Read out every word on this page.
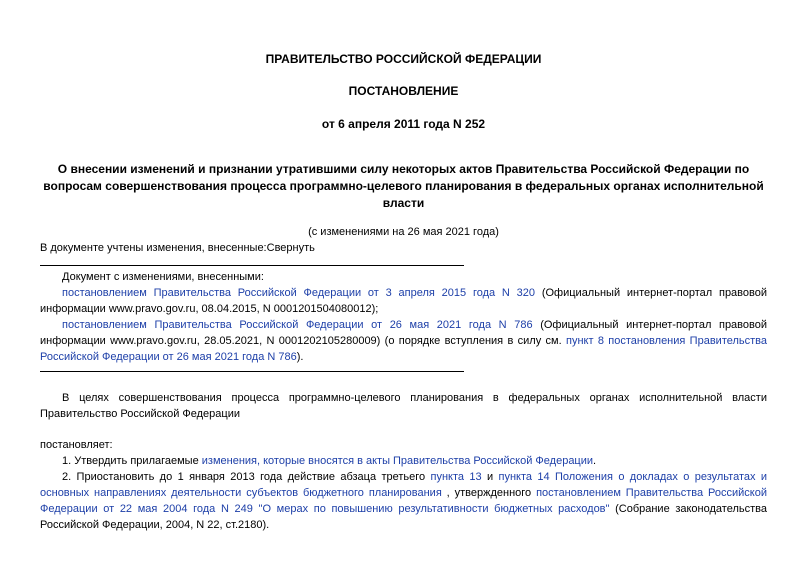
ПРАВИТЕЛЬСТВО РОССИЙСКОЙ ФЕДЕРАЦИИ
ПОСТАНОВЛЕНИЕ
от 6 апреля 2011 года N 252
О внесении изменений и признании утратившими силу некоторых актов Правительства Российской Федерации по вопросам совершенствования процесса программно-целевого планирования в федеральных органах исполнительной власти
(с изменениями на 26 мая 2021 года)
В документе учтены изменения, внесенные:Свернуть
Документ с изменениями, внесенными:
постановлением Правительства Российской Федерации от 3 апреля 2015 года N 320 (Официальный интернет-портал правовой информации www.pravo.gov.ru, 08.04.2015, N 0001201504080012);
постановлением Правительства Российской Федерации от 26 мая 2021 года N 786 (Официальный интернет-портал правовой информации www.pravo.gov.ru, 28.05.2021, N 0001202105280009) (о порядке вступления в силу см. пункт 8 постановления Правительства Российской Федерации от 26 мая 2021 года N 786).
В целях совершенствования процесса программно-целевого планирования в федеральных органах исполнительной власти Правительство Российской Федерации
постановляет:
1. Утвердить прилагаемые изменения, которые вносятся в акты Правительства Российской Федерации.
2. Приостановить до 1 января 2013 года действие абзаца третьего пункта 13 и пункта 14 Положения о докладах о результатах и основных направлениях деятельности субъектов бюджетного планирования , утвержденного постановлением Правительства Российской Федерации от 22 мая 2004 года N 249 "О мерах по повышению результативности бюджетных расходов" (Собрание законодательства Российской Федерации, 2004, N 22, ст.2180).
